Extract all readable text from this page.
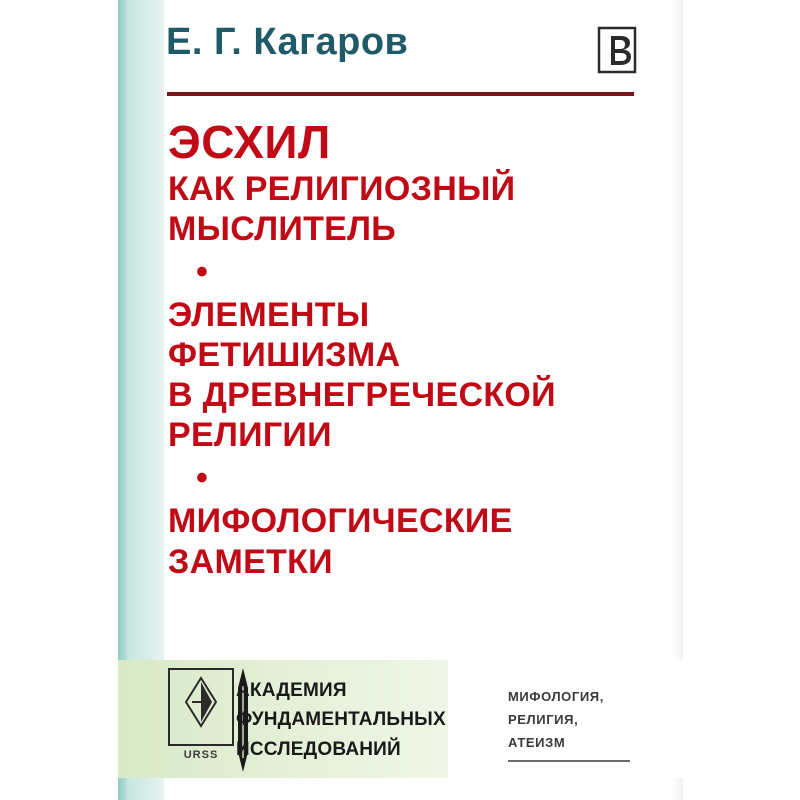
Е. Г. Кагаров
ЭСХИЛ
КАК РЕЛИГИОЗНЫЙ
МЫСЛИТЕЛЬ
•
ЭЛЕМЕНТЫ
ФЕТИШИЗМА
В ДРЕВНЕГРЕЧЕСКОЙ
РЕЛИГИИ
•
МИФОЛОГИЧЕСКИЕ
ЗАМЕТКИ
URSS
АКАДЕМИЯ
ФУНДАМЕНТАЛЬНЫХ
ИССЛЕДОВАНИЙ
МИФОЛОГИЯ,
РЕЛИГИЯ,
АТЕИЗМ
